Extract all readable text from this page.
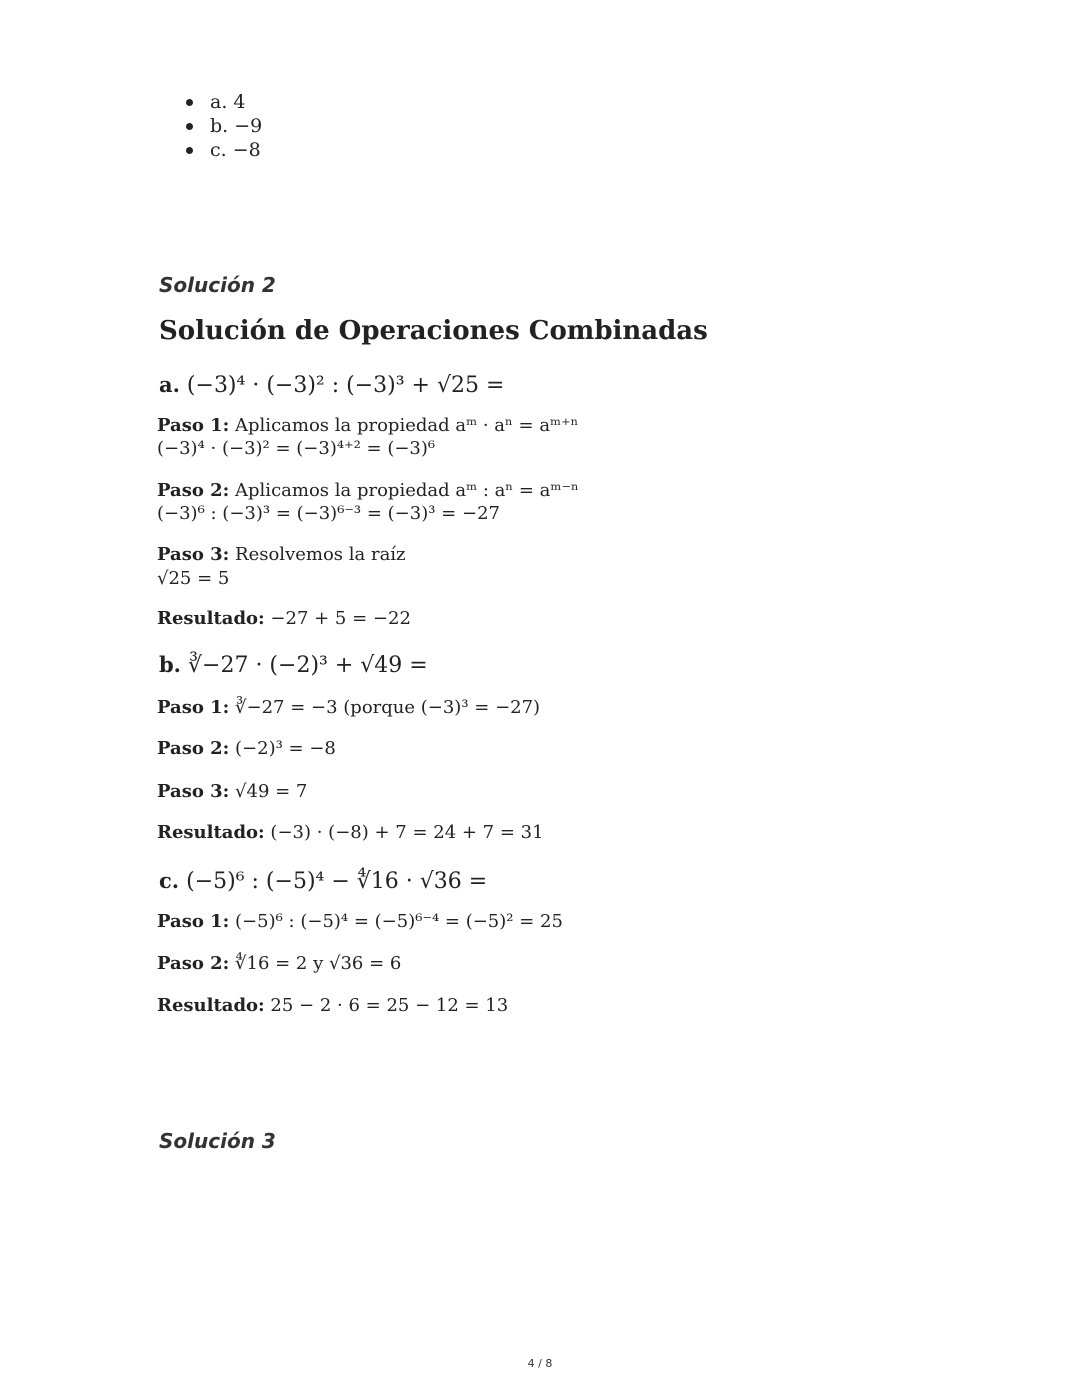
a. 4
b. −9
c. −8
Solución 2
Solución de Operaciones Combinadas
a. (−3)⁴ · (−3)² : (−3)³ + √25 =
Paso 1: Aplicamos la propiedad aᵐ · aⁿ = aᵐ⁺ⁿ
(−3)⁴ · (−3)² = (−3)⁴⁺² = (−3)⁶
Paso 2: Aplicamos la propiedad aᵐ : aⁿ = aᵐ⁻ⁿ
(−3)⁶ : (−3)³ = (−3)⁶⁻³ = (−3)³ = −27
Paso 3: Resolvemos la raíz
√25 = 5
Resultado: −27 + 5 = −22
b. ∛−27 · (−2)³ + √49 =
Paso 1: ∛−27 = −3 (porque (−3)³ = −27)
Paso 2: (−2)³ = −8
Paso 3: √49 = 7
Resultado: (−3) · (−8) + 7 = 24 + 7 = 31
c. (−5)⁶ : (−5)⁴ − ∜16 · √36 =
Paso 1: (−5)⁶ : (−5)⁴ = (−5)⁶⁻⁴ = (−5)² = 25
Paso 2: ∜16 = 2 y √36 = 6
Resultado: 25 − 2 · 6 = 25 − 12 = 13
Solución 3
4 / 8
